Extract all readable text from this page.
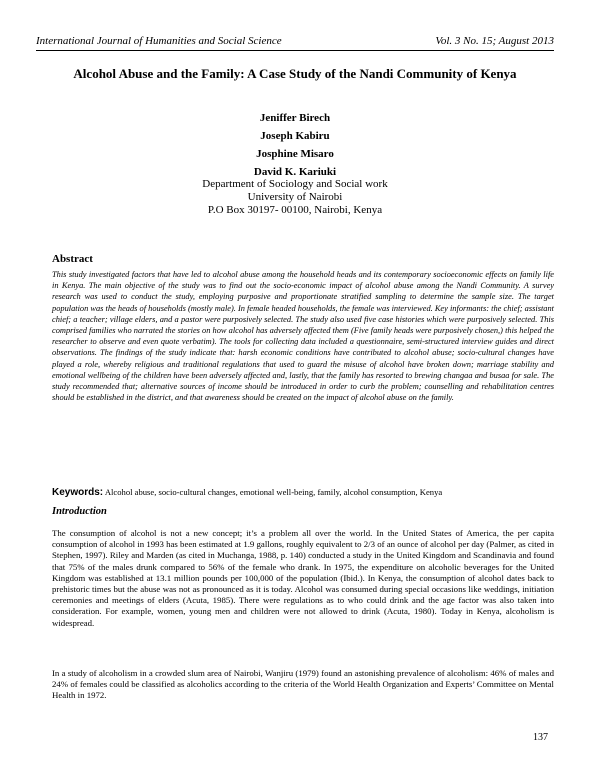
International Journal of Humanities and Social Science	Vol. 3 No. 15; August 2013
Alcohol Abuse and the Family: A Case Study of the Nandi Community of Kenya
Jeniffer Birech
Joseph Kabiru
Josphine Misaro
David K. Kariuki
Department of Sociology and Social work
University of Nairobi
P.O Box 30197- 00100, Nairobi, Kenya
Abstract
This study investigated factors that have led to alcohol abuse among the household heads and its contemporary socioeconomic effects on family life in Kenya. The main objective of the study was to find out the socio-economic impact of alcohol abuse among the Nandi Community. A survey research was used to conduct the study, employing purposive and proportionate stratified sampling to determine the sample size. The target population was the heads of households (mostly male). In female headed households, the female was interviewed. Key informants: the chief; assistant chief; a teacher; village elders, and a pastor were purposively selected. The study also used five case histories which were purposively selected. This comprised families who narrated the stories on how alcohol has adversely affected them (Five family heads were purposively chosen,) this helped the researcher to observe and even quote verbatim). The tools for collecting data included a questionnaire, semi-structured interview guides and direct observations. The findings of the study indicate that: harsh economic conditions have contributed to alcohol abuse; socio-cultural changes have played a role, whereby religious and traditional regulations that used to guard the misuse of alcohol have broken down; marriage stability and emotional wellbeing of the children have been adversely affected and, lastly, that the family has resorted to brewing changaa and busaa for sale. The study recommended that; alternative sources of income should be introduced in order to curb the problem; counselling and rehabilitation centres should be established in the district, and that awareness should be created on the impact of alcohol abuse on the family.
Keywords: Alcohol abuse, socio-cultural changes, emotional well-being, family, alcohol consumption, Kenya
Introduction
The consumption of alcohol is not a new concept; it’s a problem all over the world. In the United States of America, the per capita consumption of alcohol in 1993 has been estimated at 1.9 gallons, roughly equivalent to 2/3 of an ounce of alcohol per day (Palmer, as cited in Stephen, 1997). Riley and Marden (as cited in Muchanga, 1988, p. 140) conducted a study in the United Kingdom and Scandinavia and found that 75% of the males drunk compared to 56% of the female who drank. In 1975, the expenditure on alcoholic beverages for the United Kingdom was established at 13.1 million pounds per 100,000 of the population (Ibid.). In Kenya, the consumption of alcohol dates back to prehistoric times but the abuse was not as pronounced as it is today. Alcohol was consumed during special occasions like weddings, initiation ceremonies and meetings of elders (Acuta, 1985). There were regulations as to who could drink and the age factor was also taken into consideration. For example, women, young men and children were not allowed to drink (Acuta, 1980). Today in Kenya, alcoholism is widespread.
In a study of alcoholism in a crowded slum area of Nairobi, Wanjiru (1979) found an astonishing prevalence of alcoholism: 46% of males and 24% of females could be classified as alcoholics according to the criteria of the World Health Organization and Experts’ Committee on Mental Health in 1972.
137
